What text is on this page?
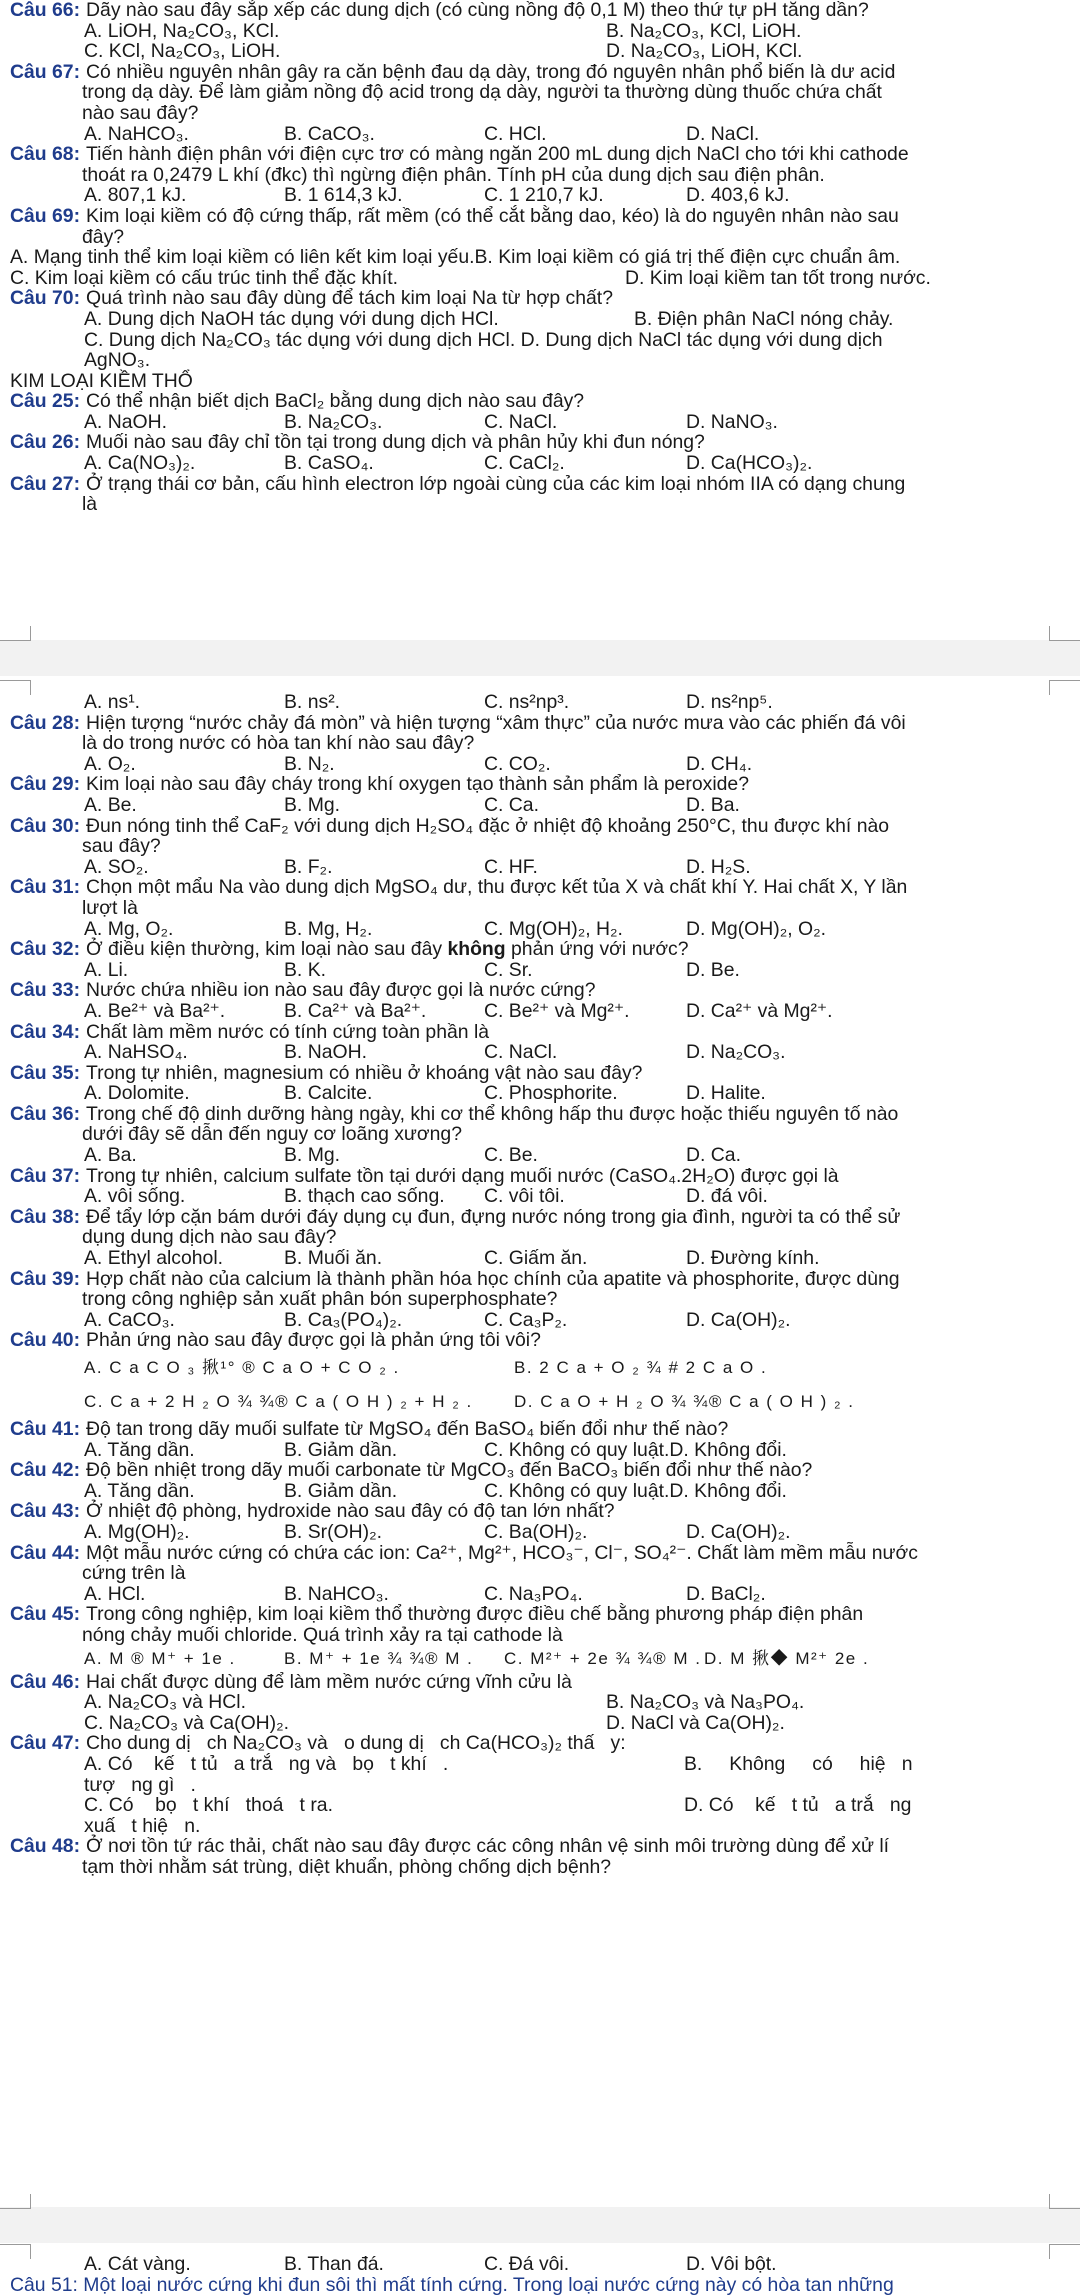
Câu 66: Dãy nào sau đây sắp xếp các dung dịch (có cùng nồng độ 0,1 M) theo thứ tự pH tăng dần?
A. LiOH, Na₂CO₃, KCl.	B. Na₂CO₃, KCl, LiOH.
C. KCl, Na₂CO₃, LiOH.	D. Na₂CO₃, LiOH, KCl.
Câu 67: Có nhiều nguyên nhân gây ra căn bệnh đau dạ dày, trong đó nguyên nhân phổ biến là dư acid
trong dạ dày. Để làm giảm nồng độ acid trong dạ dày, người ta thường dùng thuốc chứa chất
nào sau đây?
A. NaHCO₃.	B. CaCO₃.	C. HCl.	D. NaCl.
Câu 68: Tiến hành điện phân với điện cực trơ có màng ngăn 200 mL dung dịch NaCl cho tới khi cathode
thoát ra 0,2479 L khí (đkc) thì ngừng điện phân. Tính pH của dung dịch sau điện phân.
A. 807,1 kJ.	B. 1 614,3 kJ.	C. 1 210,7 kJ.	D. 403,6 kJ.
Câu 69: Kim loại kiềm có độ cứng thấp, rất mềm (có thể cắt bằng dao, kéo) là do nguyên nhân nào sau
đây?
A. Mạng tinh thể kim loại kiềm có liên kết kim loại yếu.B. Kim loại kiềm có giá trị thế điện cực chuẩn âm.
C. Kim loại kiềm có cấu trúc tinh thể đặc khít.	D. Kim loại kiềm tan tốt trong nước.
Câu 70: Quá trình nào sau đây dùng để tách kim loại Na từ hợp chất?
A. Dung dịch NaOH tác dụng với dung dịch HCl.	B. Điện phân NaCl nóng chảy.
C. Dung dịch Na₂CO₃ tác dụng với dung dịch HCl. D. Dung dịch NaCl tác dụng với dung dịch
AgNO₃.
KIM LOẠI KIỀM THỔ
Câu 25: Có thể nhận biết dịch BaCl₂ bằng dung dịch nào sau đây?
A. NaOH.	B. Na₂CO₃.	C. NaCl.	D. NaNO₃.
Câu 26: Muối nào sau đây chỉ tồn tại trong dung dịch và phân hủy khi đun nóng?
A. Ca(NO₃)₂.	B. CaSO₄.	C. CaCl₂.	D. Ca(HCO₃)₂.
Câu 27: Ở trạng thái cơ bản, cấu hình electron lớp ngoài cùng của các kim loại nhóm IIA có dạng chung
là
A. ns¹.	B. ns².	C. ns²np³.	D. ns²np⁵.
Câu 28: Hiện tượng “nước chảy đá mòn” và hiện tượng “xâm thực” của nước mưa vào các phiến đá vôi
là do trong nước có hòa tan khí nào sau đây?
A. O₂.	B. N₂.	C. CO₂.	D. CH₄.
Câu 29: Kim loại nào sau đây cháy trong khí oxygen tạo thành sản phẩm là peroxide?
A. Be.	B. Mg.	C. Ca.	D. Ba.
Câu 30: Đun nóng tinh thể CaF₂ với dung dịch H₂SO₄ đặc ở nhiệt độ khoảng 250°C, thu được khí nào
sau đây?
A. SO₂.	B. F₂.	C. HF.	D. H₂S.
Câu 31: Chọn một mẩu Na vào dung dịch MgSO₄ dư, thu được kết tủa X và chất khí Y. Hai chất X, Y lần
lượt là
A. Mg, O₂.	B. Mg, H₂.	C. Mg(OH)₂, H₂.	D. Mg(OH)₂, O₂.
Câu 32: Ở điều kiện thường, kim loại nào sau đây không phản ứng với nước?
A. Li.	B. K.	C. Sr.	D. Be.
Câu 33: Nước chứa nhiều ion nào sau đây được gọi là nước cứng?
A. Be²⁺ và Ba²⁺.	B. Ca²⁺ và Ba²⁺.	C. Be²⁺ và Mg²⁺.	D. Ca²⁺ và Mg²⁺.
Câu 34: Chất làm mềm nước có tính cứng toàn phần là
A. NaHSO₄.	B. NaOH.	C. NaCl.	D. Na₂CO₃.
Câu 35: Trong tự nhiên, magnesium có nhiều ở khoáng vật nào sau đây?
A. Dolomite.	B. Calcite.	C. Phosphorite.	D. Halite.
Câu 36: Trong chế độ dinh dưỡng hàng ngày, khi cơ thể không hấp thu được hoặc thiếu nguyên tố nào
dưới đây sẽ dẫn đến nguy cơ loãng xương?
A. Ba.	B. Mg.	C. Be.	D. Ca.
Câu 37: Trong tự nhiên, calcium sulfate tồn tại dưới dạng muối nước (CaSO₄.2H₂O) được gọi là
A. vôi sống.	B. thạch cao sống.	C. vôi tôi.	D. đá vôi.
Câu 38: Để tẩy lớp cặn bám dưới đáy dụng cụ đun, đựng nước nóng trong gia đình, người ta có thể sử
dụng dung dịch nào sau đây?
A. Ethyl alcohol.	B. Muối ăn.	C. Giấm ăn.	D. Đường kính.
Câu 39: Hợp chất nào của calcium là thành phần hóa học chính của apatite và phosphorite, được dùng
trong công nghiệp sản xuất phân bón superphosphate?
A. CaCO₃.	B. Ca₃(PO₄)₂.	C. Ca₃P₂.	D. Ca(OH)₂.
Câu 40: Phản ứng nào sau đây được gọi là phản ứng tôi vôi?
A. C a C O ₃ 揪¹° ® C a O + C O ₂ .	B. 2 C a + O ₂ ¾ # 2 C a O .
C. C a + 2 H ₂ O ¾ ¾® C a ( O H ) ₂ + H ₂ .	D. C a O + H ₂ O ¾ ¾® C a ( O H ) ₂ .
Câu 41: Độ tan trong dãy muối sulfate từ MgSO₄ đến BaSO₄ biến đổi như thế nào?
A. Tăng dần.	B. Giảm dần.	C. Không có quy luật.D. Không đổi.
Câu 42: Độ bền nhiệt trong dãy muối carbonate từ MgCO₃ đến BaCO₃ biến đổi như thế nào?
A. Tăng dần.	B. Giảm dần.	C. Không có quy luật.D. Không đổi.
Câu 43: Ở nhiệt độ phòng, hydroxide nào sau đây có độ tan lớn nhất?
A. Mg(OH)₂.	B. Sr(OH)₂.	C. Ba(OH)₂.	D. Ca(OH)₂.
Câu 44: Một mẫu nước cứng có chứa các ion: Ca²⁺, Mg²⁺, HCO₃⁻, Cl⁻, SO₄²⁻. Chất làm mềm mẫu nước
cứng trên là
A. HCl.	B. NaHCO₃.	C. Na₃PO₄.	D. BaCl₂.
Câu 45: Trong công nghiệp, kim loại kiềm thổ thường được điều chế bằng phương pháp điện phân
nóng chảy muối chloride. Quá trình xảy ra tại cathode là
A. M ® M⁺ + 1e .	B. M⁺ + 1e ¾ ¾® M .	C. M²⁺ + 2e ¾ ¾® M . D. M 揪◆ M²⁺ 2e .
Câu 46: Hai chất được dùng để làm mềm nước cứng vĩnh cửu là
A. Na₂CO₃ và HCl.	B. Na₂CO₃ và Na₃PO₄.
C. Na₂CO₃ và Ca(OH)₂.	D. NaCl và Ca(OH)₂.
Câu 47: Cho dung dị   ch Na₂CO₃ và   o dung dị   ch Ca(HCO₃)₂ thấ   y:
A. Có    kế   t tủ   a trắ   ng và   bọ   t khí   .	B.     Không     có     hiệ   n
tượ   ng gì   .
C. Có    bọ   t khí   thoá   t ra.	D. Có    kế   t tủ   a trắ   ng
xuấ   t hiệ   n.
Câu 48: Ở nơi tồn tứ rác thải, chất nào sau đây được các công nhân vệ sinh môi trường dùng để xử lí
tạm thời nhằm sát trùng, diệt khuẩn, phòng chống dịch bệnh?
A. Cát vàng.	B. Than đá.	C. Đá vôi.	D. Vôi bột.
Câu 51: Một loại nước cứng khi đun sôi thì mất tính cứng. Trong loại nước cứng này có hòa tan những
